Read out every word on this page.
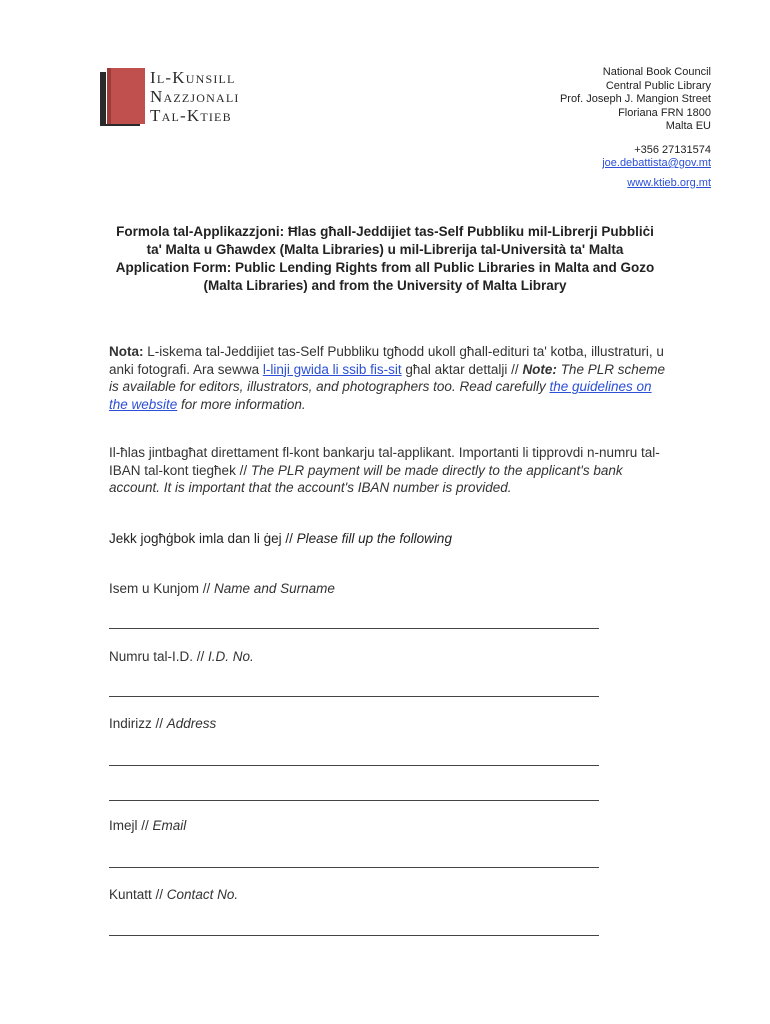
Il-Kunsill
Nazzjonali
Tal-Ktieb
National Book Council
Central Public Library
Prof. Joseph J. Mangion Street
Floriana FRN 1800
Malta EU
+356 27131574
joe.debattista@gov.mt
www.ktieb.org.mt
Formola tal-Applikazzjoni: Ħlas għall-Jeddijiet tas-Self Pubbliku mil-Librerji Pubbliċi ta' Malta u Għawdex (Malta Libraries) u mil-Librerija tal-Università ta' Malta
Application Form: Public Lending Rights from all Public Libraries in Malta and Gozo (Malta Libraries) and from the University of Malta Library
Nota: L-iskema tal-Jeddijiet tas-Self Pubbliku tgħodd ukoll għall-edituri ta' kotba, illustraturi, u anki fotografi. Ara sewwa l-linji gwida li ssib fis-sit għal aktar dettalji // Note: The PLR scheme is available for editors, illustrators, and photographers too. Read carefully the guidelines on the website for more information.
Il-ħlas jintbagħat direttament fl-kont bankarju tal-applikant. Importanti li tipprovdi n-numru tal-IBAN tal-kont tiegħek // The PLR payment will be made directly to the applicant's bank account. It is important that the account's IBAN number is provided.
Jekk jogħġbok imla dan li ġej // Please fill up the following
Isem u Kunjom // Name and Surname
Numru tal-I.D. // I.D. No.
Indirizz // Address
Imejl // Email
Kuntatt // Contact No.
